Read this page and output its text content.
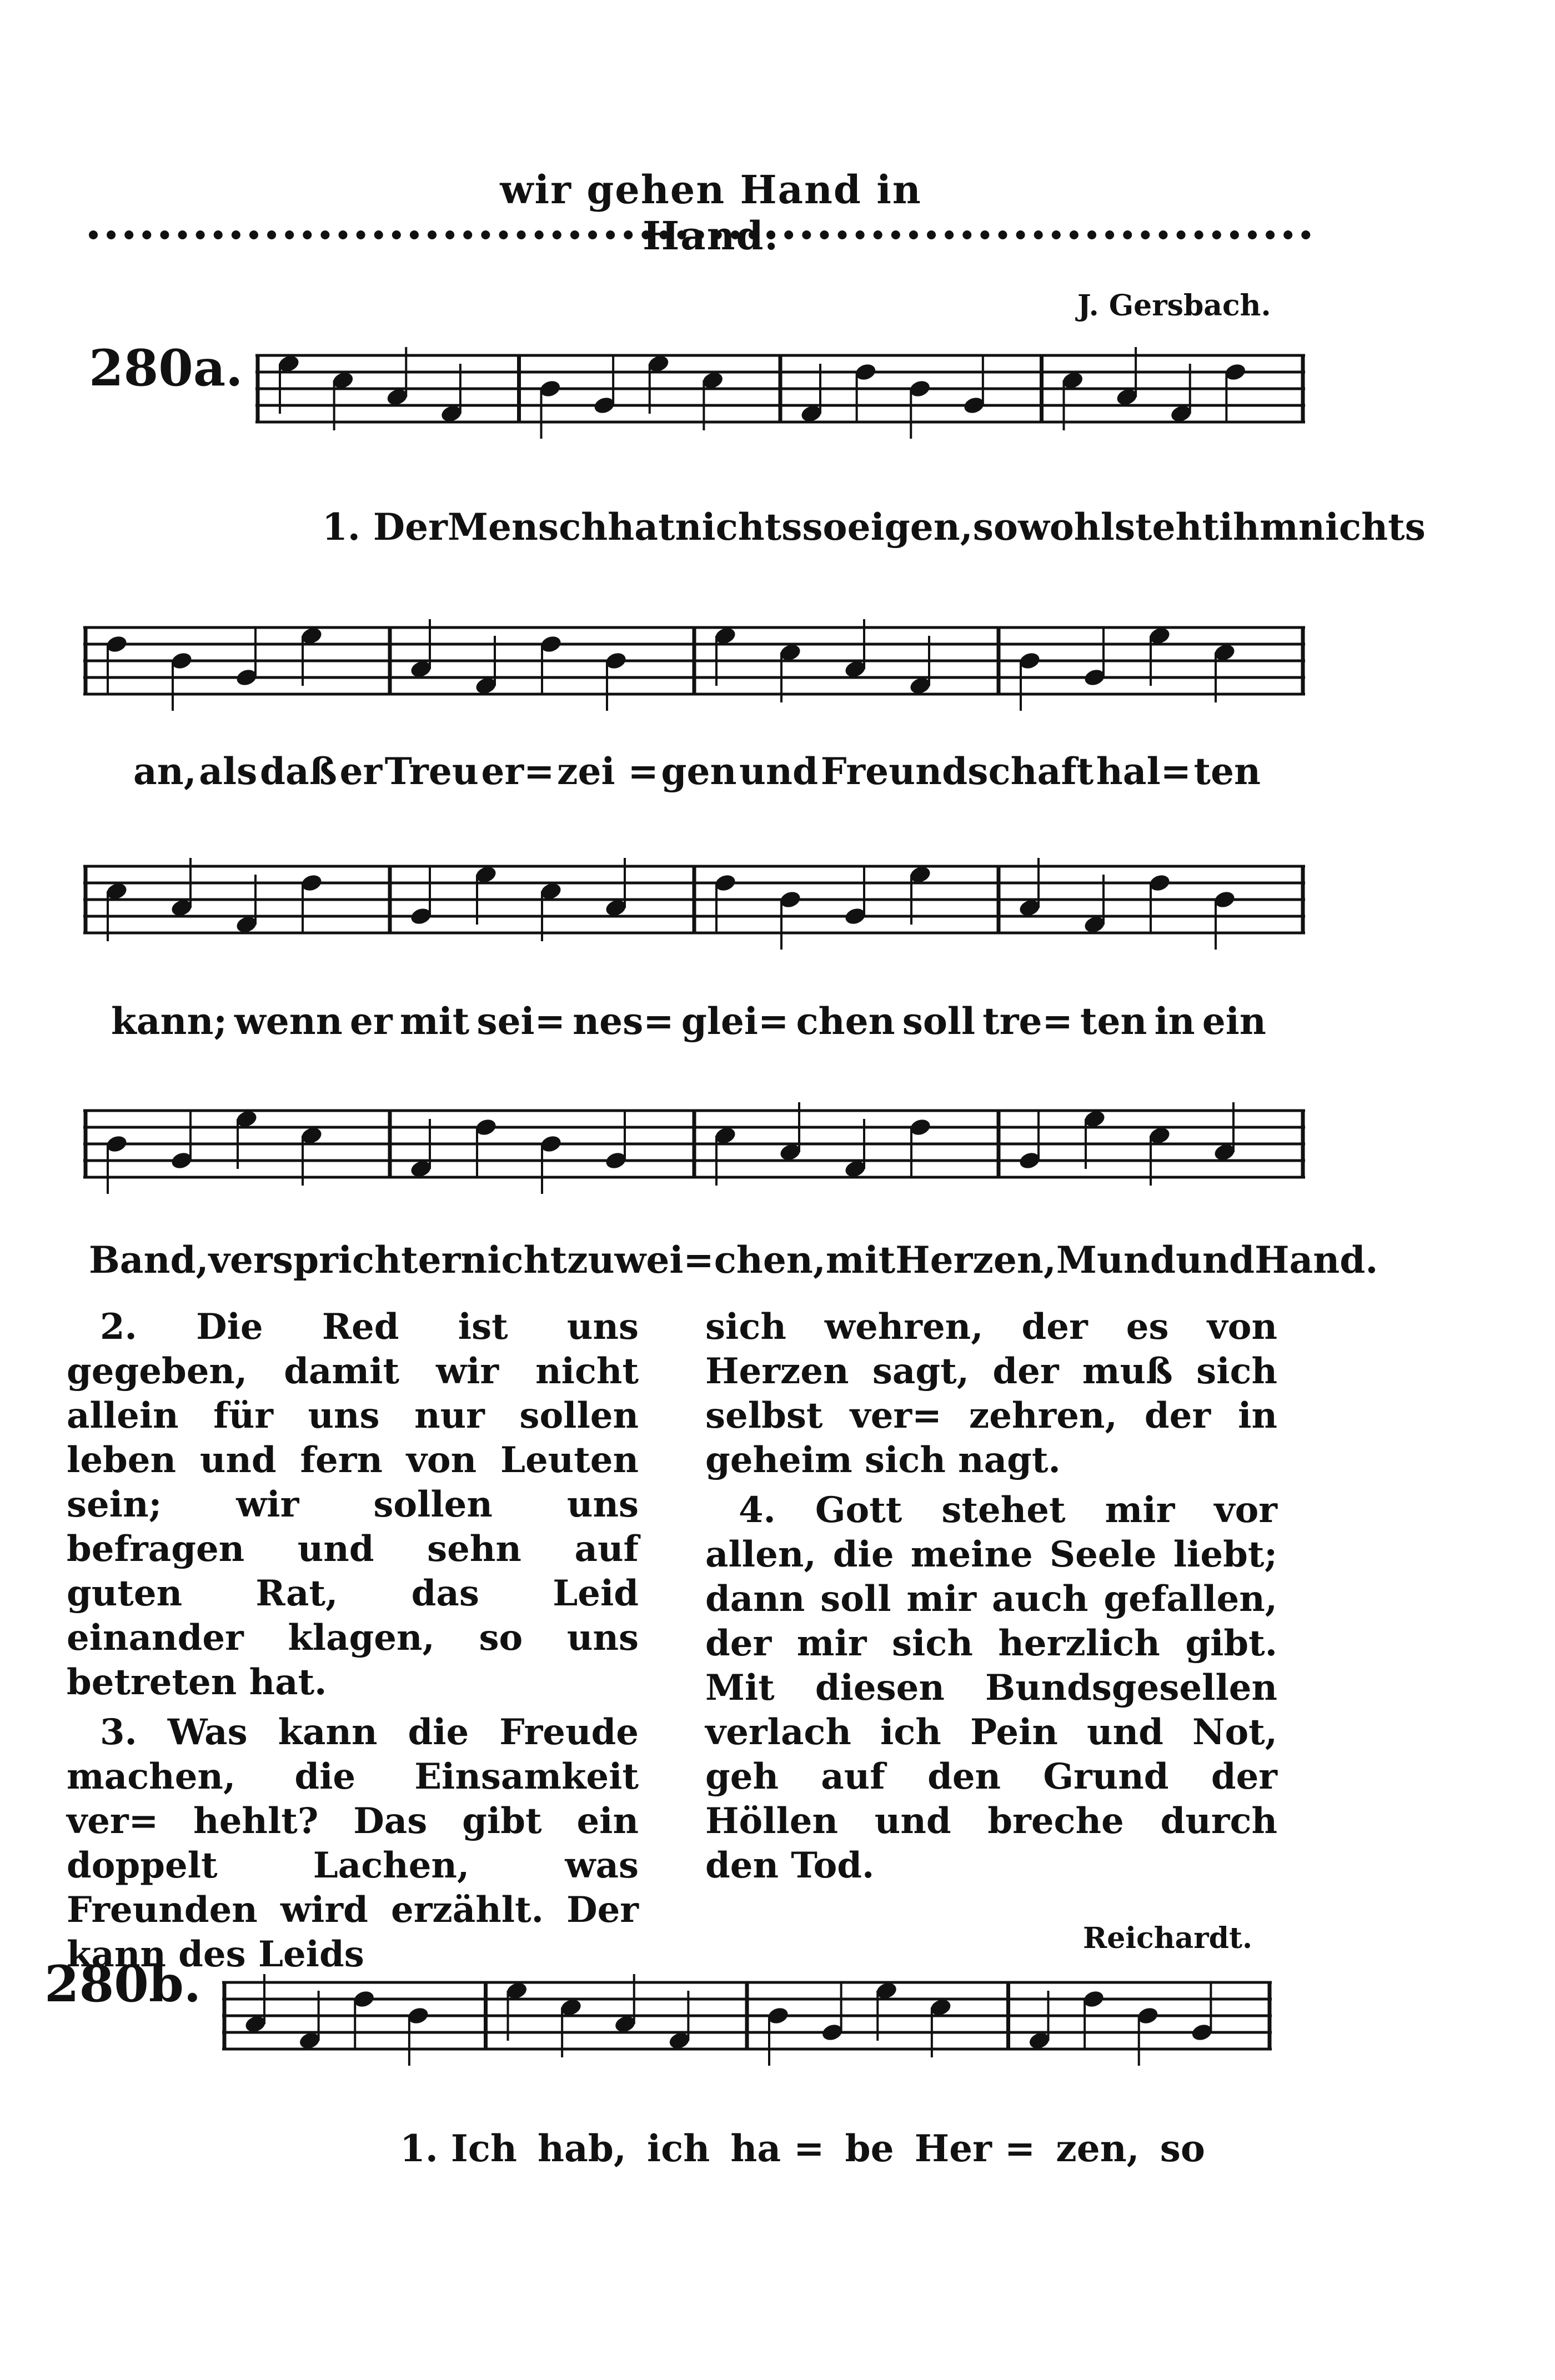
wir gehen Hand in Hand.
280a.
J. Gersbach.
1. Der Mensch hat nichts so eigen, so wohl steht ihm nichts
an, als daß er Treu er= zei = gen und Freundschaft hal= ten
kann; wenn er mit sei= nes= glei= chen soll tre= ten in ein
Band, verspricht er nicht zu wei= chen, mit Herzen, Mund und Hand.

2. Die Red ist uns gegeben, damit wir nicht allein für uns nur sollen leben und fern von Leuten sein; wir sollen uns befragen und sehn auf guten Rat, das Leid einander klagen, so uns betreten hat.

3. Was kann die Freude machen, die Einsamkeit ver= hehlt? Das gibt ein doppelt Lachen, was Freunden wird erzählt. Der kann des Leids

sich wehren, der es von Herzen sagt, der muß sich selbst ver= zehren, der in geheim sich nagt.

4. Gott stehet mir vor allen, die meine Seele liebt; dann soll mir auch gefallen, der mir sich herzlich gibt. Mit diesen Bundsgesellen verlach ich Pein und Not, geh auf den Grund der Höllen und breche durch den Tod.

280b.
Reichardt.
1. Ich hab, ich ha = be Her = zen, so
